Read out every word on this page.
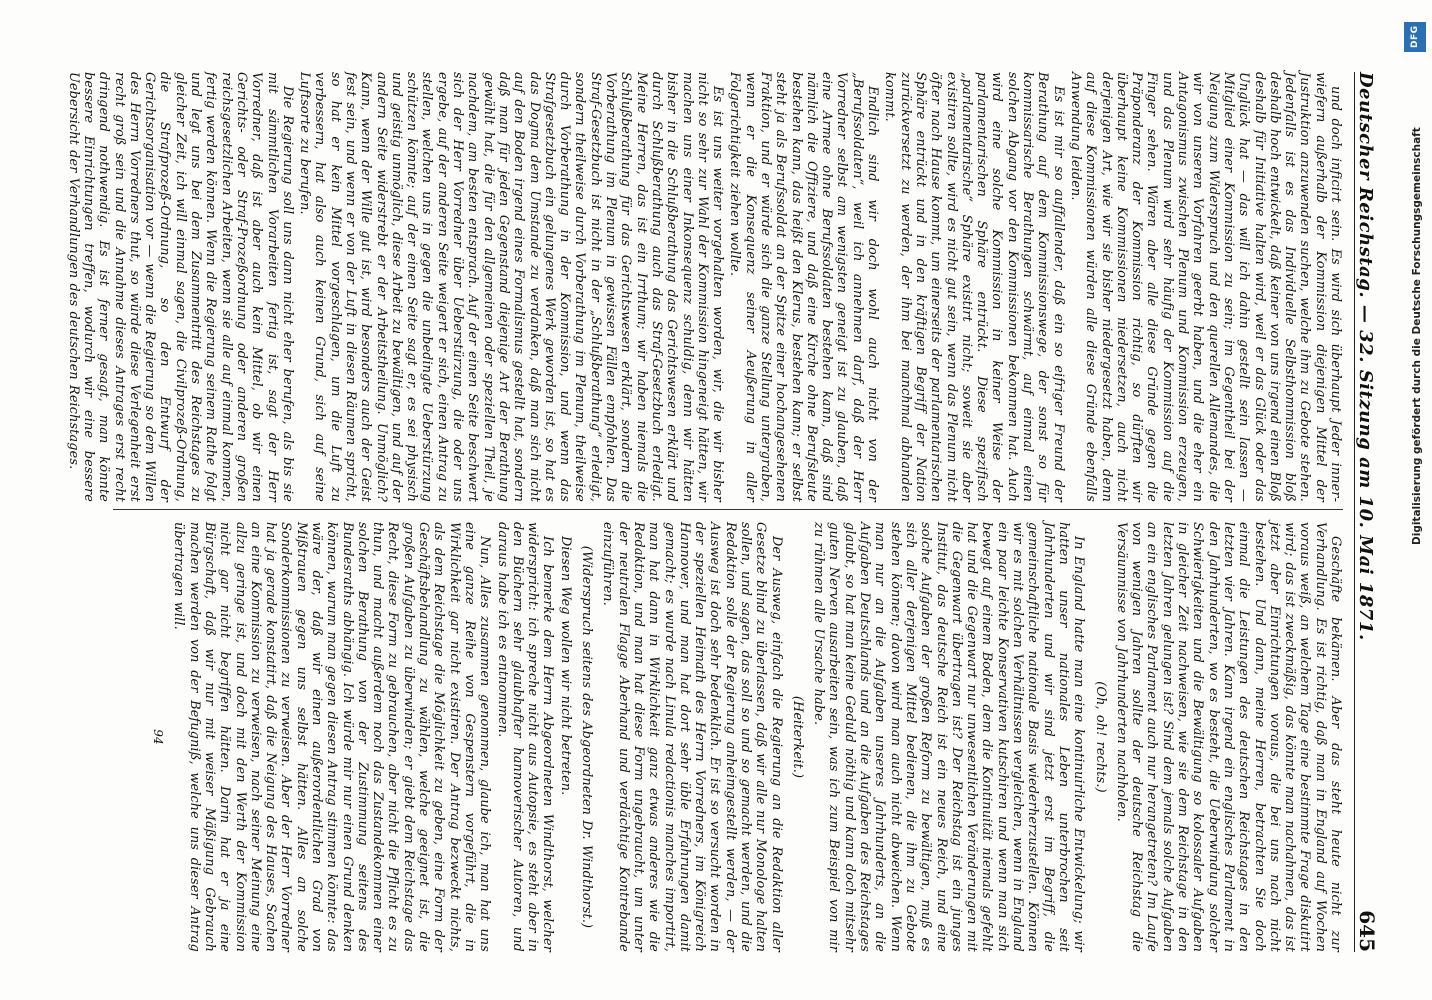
Deutscher Reichstag. — 32. Sitzung am 10. Mai 1871.
645

und doch inficirt sein. Es wird sich überhaupt Jeder innerwiefern außerhalb der Kommission diejenigen Mittel der Justruktion anzuwenden suchen, welche ihm zu Gebote stehen. Jedenfalls ist es das Individuelle Selbsthommission bloß deshalb hoch entwickelt, daß keiner von uns irgend einen Bloß deshalb für Initiative halten wird, weil er das Glück oder das Unglück hat — das will ich dahin gestellt sein lassen — Mitglied einer Kommission zu sein; im Gegentheil bei der Neigung zum Widerspruch und den querellen Allemandes, die wir von unseren Vorfahren geerbt haben, und die eher ein Antagonismus zwischen Plenum und Kommission erzeugen, und das Plenum wird sehr häufig der Kommission auf die Finger sehen. Wären aber alle diese Gründe gegen die Präponderanz der Kommission richtig, so dürften wir überhaupt keine Kommissionen niedersetzen, auch nicht derjenigen Art, wie wir sie bisher niedergesetzt haben, denn auf diese Kommissionen würden alle diese Gründe ebenfalls Anwendung leiden.

Es ist mir so auffallender, daß ein so eifriger Freund der Berathung auf dem Kommissionswege, der sonst so für kommissarische Berathungen schwärmt, auf einmal einen solchen Abgang vor den Kommissionen bekommen hat. Auch wird eine solche Kommission in keiner Weise der parlamentarischen Sphäre entrückt. Diese spezifisch „parlamentarische“ Sphäre existirt nicht; soweit sie aber existiren sollte, wird es nicht gut sein, wenn das Plenum nicht öfter nach Hause kommt, um einerseits der parlamentarischen Sphäre entrückt und in den kräftigen Begriff der Nation zurückversetzt zu werden, der ihm bei manchmal abhanden kommt.

Endlich sind wir doch wohl auch nicht von der „Berufssoldaten“, weil ich annehmen darf, daß der Herr Vorredner selbst am wenigsten geneigt ist zu glauben, daß eine Armee ohne Berufssoldaten bestehen kann, daß sind nämlich die Offiziere, und daß eine Kirche ohne Berufsleute bestehen kann, das heißt den Klerus, bestehen kann; er selbst steht ja als Berufssoldat an der Spitze einer hochangesehenen Fraktion, und er würde sich die ganze Stellung untergraben, wenn er die Konsequenz seiner Aeußerung in aller Folgerichtigkeit ziehen wollte.

Es ist uns weiter vorgehalten worden, wir, die wir bisher nicht so sehr zur Wahl der Kommission hingeneigt hätten, wir machen uns einer Inkonsequenz schuldig, denn wir hätten bisher in die Schlußberathung das Gerichtswesen erklärt und durch Schlußberathung auch das Straf-Gesetzbuch erledigt. Meine Herren, das ist ein Irrthum; wir haben niemals die Schlußberathung für das Gerichtswesen erklärt, sondern die Vorberathung im Plenum in gewissen Fällen empfohlen. Das Straf-Gesetzbuch ist nicht in der „Schlußberathung“ erledigt, sondern theilweise durch Vorberathung im Plenum, theilweise durch Vorberathung in der Kommission, und wenn das Strafgesetzbuch ein gelungenes Werk geworden ist, so hat es das Dogma dem Umstande zu verdanken, daß man sich nicht auf den Boden irgend eines Formalismus gestellt hat, sondern daß man für jeden Gegenstand diejenige Art der Berathung gewählt hat, die für den allgemeinen oder speziellen Theil, je nachdem, am besten entsprach. Auf der einen Seite beschwert sich der Herr Vorredner über Ueberstürzung, die oder uns ergebe, auf der anderen Seite weigert er sich, einen Antrag zu stellen, welchen uns in gegen die unbedingte Ueberstürzung schützen könnte; auf der einen Seite sagt er, es sei physisch und geistig unmöglich, diese Arbeit zu bewältigen, und auf der andern Seite widerstrebt er der Arbeitstheilung. Unmöglich? Kann, wenn der Wille gut ist, wird besonders auch der Geist fest sein, und wenn er von der Luft in diesen Räumen spricht, so hat er kein Mittel vorgeschlagen, um die Luft zu verbessern, hat also auch keinen Grund, sich auf seine Luftsorte zu berufen.

Die Regierung soll uns dann nicht eher berufen, als bis sie mit sämmtlichen Vorarbeiten fertig ist, sagt der Herr Vorredner, daß ist aber auch kein Mittel, ob wir einen Gerichts- oder Straf-Prozeßordnung oder anderen großen reichsgesetzlichen Arbeiten, wenn sie alle auf einmal kommen, fertig werden können. Wenn die Regierung seinem Rathe folgt und legt uns bei dem Zusammentritt des Reichstages zu gleicher Zeit, ich will einmal sagen, die Civilprozeß-Ordnung, die Strafprozeß-Ordnung, so den Entwurf der Gerichtsorganisation vor — wenn die Regierung so dem Willen des Herrn Vorredners thut, so würde diese Verlegenheit erst recht groß sein und die Annahme dieses Antrages erst recht dringend nothwendig. Es ist ferner gesagt, man könnte bessere Einrichtungen treffen, wodurch wir eine bessere Uebersicht der Verhandlungen des deutschen Reichstages.

Geschäfte bekämen. Aber das steht heute nicht zur Verhandlung. Es ist richtig, daß man in England auf Wochen voraus weiß, an welchem Tage eine bestimmte Frage diskutirt wird; das ist zweckmäßig, das könnte man nachahmen, das ist jetzt aber Einrichtungen voraus, die bei uns nach nicht bestehen. Und dann, meine Herren, betrachten Sie doch einmal die Leistungen des deutschen Reichstages in den letzten vier Jahren. Kann irgend ein englisches Parlament in den Jahrhunderten, wo es besteht, die Ueberwindung solcher Schwierigkeiten und die Bewältigung so kolossaler Aufgaben in gleicher Zeit nachweisen, wie sie dem Reichstage in den letzten Jahren gelungen ist? Sind dem jemals solche Aufgaben an ein englisches Parlament auch nur herangetreten? Im Laufe von wenigen Jahren sollte der deutsche Reichstag die Versäumnisse von Jahrhunderten nachholen.

(Oh, oh! rechts.)

In England hatte man eine kontinuirliche Entwickelung; wir hatten unser nationales Leben unterbrochen seit Jahrhunderten und wir sind jetzt erst im Begriff, die gemeinschaftliche nationale Basis wiederherzustellen. Können wir es mit solchen Verhältnissen vergleichen, wenn in England ein paar leichte Konservativen kutschiren und wenn man sich bewegt auf einem Boden, dem die Kontinuität niemals gefehlt hat und die Gegenwart nur unwesentlichen Veränderungen mit die Gegenwart übertragen ist? Der Reichstag ist ein junges Institut, das deutsche Reich ist ein neues Reich, und eine solche Aufgaben der großen Reform zu bewältigen, muß es sich aller derjenigen Mittel bedienen, die ihm zu Gebote stehen können; davon wird man auch nicht abweichen. Wenn man nur an die Aufgaben unseres Jahrhunderts, an die Aufgaben Deutschlands und an die Aufgaben des Reichstages glaubt, so hat man keine Geduld nöthig und kann doch mitsehr guten Nerven ausarbeiten sein, was ich zum Beispiel von mir zu rühmen alle Ursache habe.

(Heiterkeit.)

Der Ausweg, einfach die Regierung an die Redaktion aller Gesetze blind zu überlassen, daß wir alle nur Monologe halten sollen, und sagen, das soll so und so gemacht werden, und die Redaktion solle der Regierung anheimgestellt werden, — der Ausweg ist doch sehr bedenklich. Er ist so versucht worden in der speziellen Heimath des Herrn Vorredners, im Königreich Hannover, und man hat dort sehr üble Erfahrungen damit gemacht; es wurde nach Linula redactionis manches importirt, man hat dann in Wirklichkeit ganz etwas anderes wie die Redaktion, und man hat diese Form ungebraucht, um unter der neutralen Flagge Aberhand und verdächtige Kontrebande einzuführen.

(Widerspruch seitens des Abgeordneten Dr. Windthorst.)

Diesen Weg wollen wir nicht betreten.

Ich bemerke dem Herrn Abgeordneten Windthorst, welcher widerspricht: ich spreche nicht aus Autopsie, es steht aber in den Büchern sehr glaubhafter hannoverischer Autoren, und daraus habe ich es entnommen.

Nun, Alles zusammen genommen, glaube ich, man hat uns eine ganze Reihe von Gespenstern vorgeführt, die in Wirklichkeit gar nicht existiren. Der Antrag bezweckt nichts, als dem Reichstage die Möglichkeit zu geben, eine Form der Geschäftsbehandlung zu wählen, welche geeignet ist, die großen Aufgaben zu überwinden; er giebt dem Reichstage das Recht, diese Form zu gebrauchen, aber nicht die Pflicht es zu thun, und macht außerdem noch das Zustandekommen einer solchen Berathung von der Zustimmung seitens des Bundesraths abhängig. Ich würde mir nur einen Grund denken können, warum man gegen diesen Antrag stimmen könnte: das wäre der, daß wir einen außerordentlichen Grad von Mißtrauen gegen uns selbst hätten. Alles an solche Sonderkommissionen zu verweisen. Aber der Herr Vorredner hat ja gerade konstatirt, daß die Neigung des Hauses, Sachen an eine Kommission zu verweisen, nach seiner Meinung eine allzu geringe ist, und doch mit den Werth der Kommission nicht gar nicht begriffen hätten. Darin hat er ja eine Bürgschaft, daß wir nur mit weiser Mäßigung Gebrauch machen werden von der Befugniß, welche uns dieser Antrag übertragen will.

94

Digitalisierung gefördert durch die Deutsche Forschungsgemeinschaft
DFG
